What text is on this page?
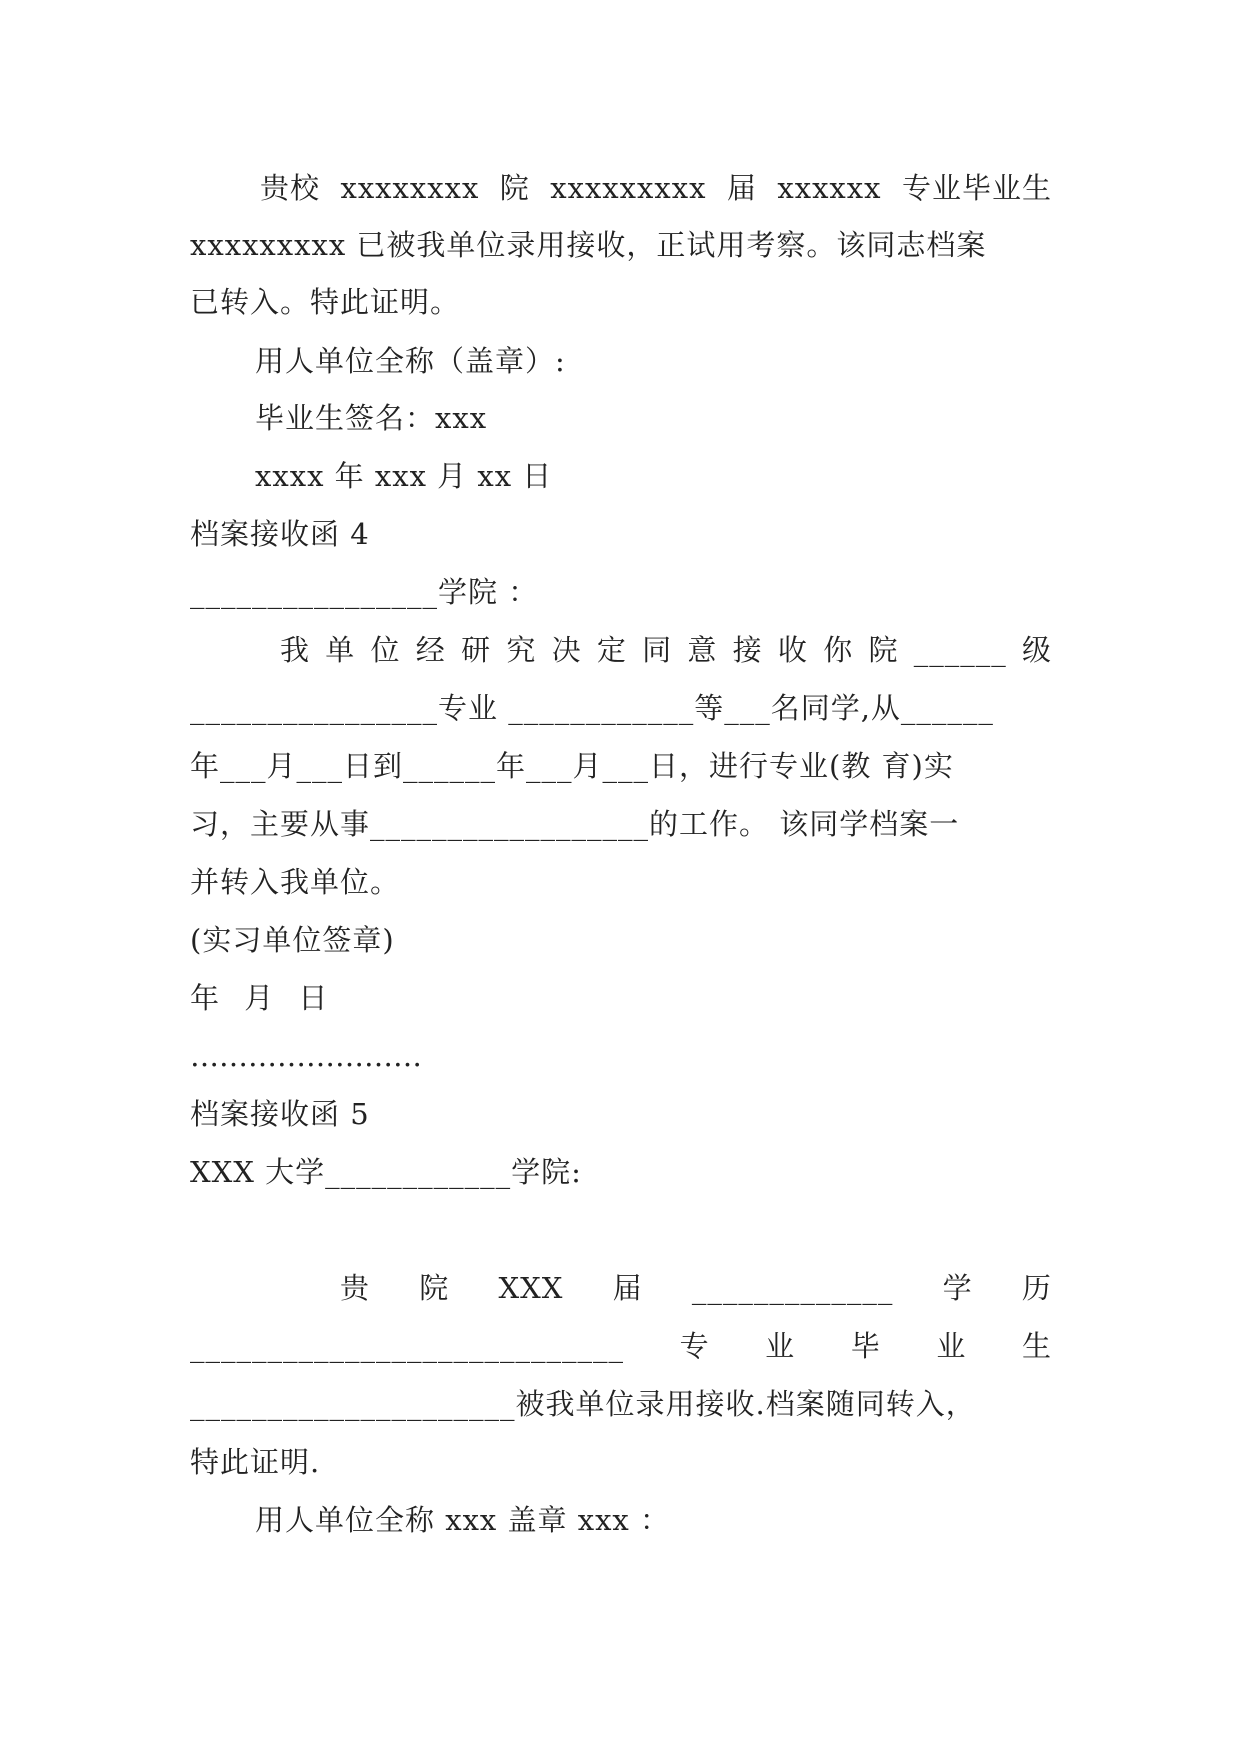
贵校 xxxxxxxx 院 xxxxxxxxx 届 xxxxxx 专业毕业生
xxxxxxxxx 已被我单位录用接收，正试用考察。该同志档案
已转入。特此证明。
用人单位全称（盖章）:
毕业生签名：xxx
xxxx 年 xxx 月 xx 日
档案接收函 4
________________学院 ：
我 单 位 经 研 究 决 定 同 意 接 收 你 院 ______ 级
________________专业 ____________等___名同学,从______
年___月___日到______年___月___日，进行专业(教 育)实
习，主要从事__________________的工作。 该同学档案一
并转入我单位。
(实习单位签章)
年 月 日
……………………
档案接收函 5
XXX 大学____________学院:
贵 院 XXX 届 _____________ 学 历
____________________________ 专 业 毕 业 生
_____________________被我单位录用接收.档案随同转入，
特此证明.
用人单位全称 xxx 盖章 xxx ：
